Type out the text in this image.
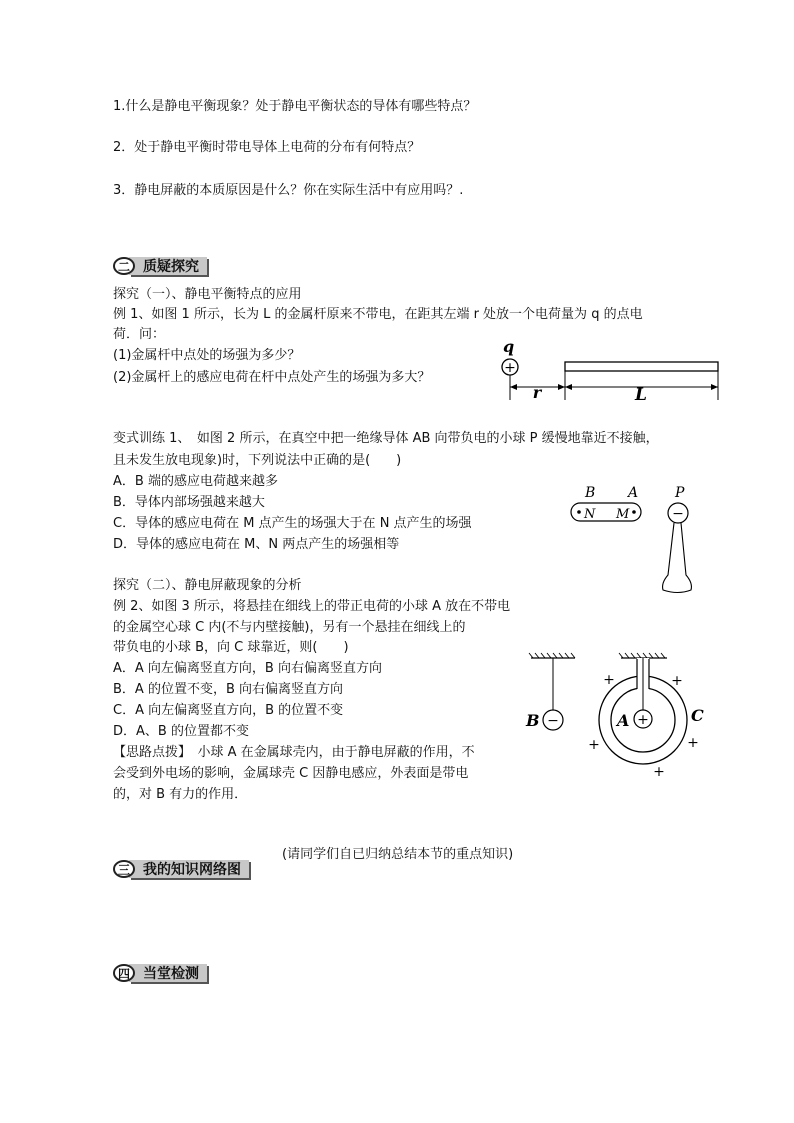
1.什么是静电平衡现象？处于静电平衡状态的导体有哪些特点？
2．处于静电平衡时带电导体上电荷的分布有何特点？
3．静电屏蔽的本质原因是什么？你在实际生活中有应用吗？.
二 质疑探究
探究（一）、静电平衡特点的应用
例 1、如图 1 所示，长为 L 的金属杆原来不带电，在距其左端 r 处放一个电荷量为 q 的点电
荷．问：
(1)金属杆中点处的场强为多少？
(2)金属杆上的感应电荷在杆中点处产生的场强为多大？
q
+
r	L
变式训练 1、　如图 2 所示，在真空中把一绝缘导体 AB 向带负电的小球 P 缓慢地靠近不接触，
且未发生放电现象)时，下列说法中正确的是(　　)
A．B 端的感应电荷越来越多
B．导体内部场强越来越大
C．导体的感应电荷在 M 点产生的场强大于在 N 点产生的场强
D．导体的感应电荷在 M、N 两点产生的场强相等
B A	P
N M	−
探究（二）、静电屏蔽现象的分析
例 2、如图 3 所示，将悬挂在细线上的带正电荷的小球 A 放在不带电
的金属空心球 C 内(不与内壁接触)，另有一个悬挂在细线上的
带负电的小球 B，向 C 球靠近，则(　　)
A．A 向左偏离竖直方向，B 向右偏离竖直方向
B．A 的位置不变，B 向右偏离竖直方向
C．A 向左偏离竖直方向，B 的位置不变
D．A、B 的位置都不变
【思路点拨】　小球 A 在金属球壳内，由于静电屏蔽的作用，不
会受到外电场的影响，金属球壳 C 因静电感应，外表面是带电
的，对 B 有力的作用．
−
B	+
A	C
+	+
+	+
+
三 我的知识网络图
(请同学们自已归纳总结本节的重点知识)
四 当堂检测
